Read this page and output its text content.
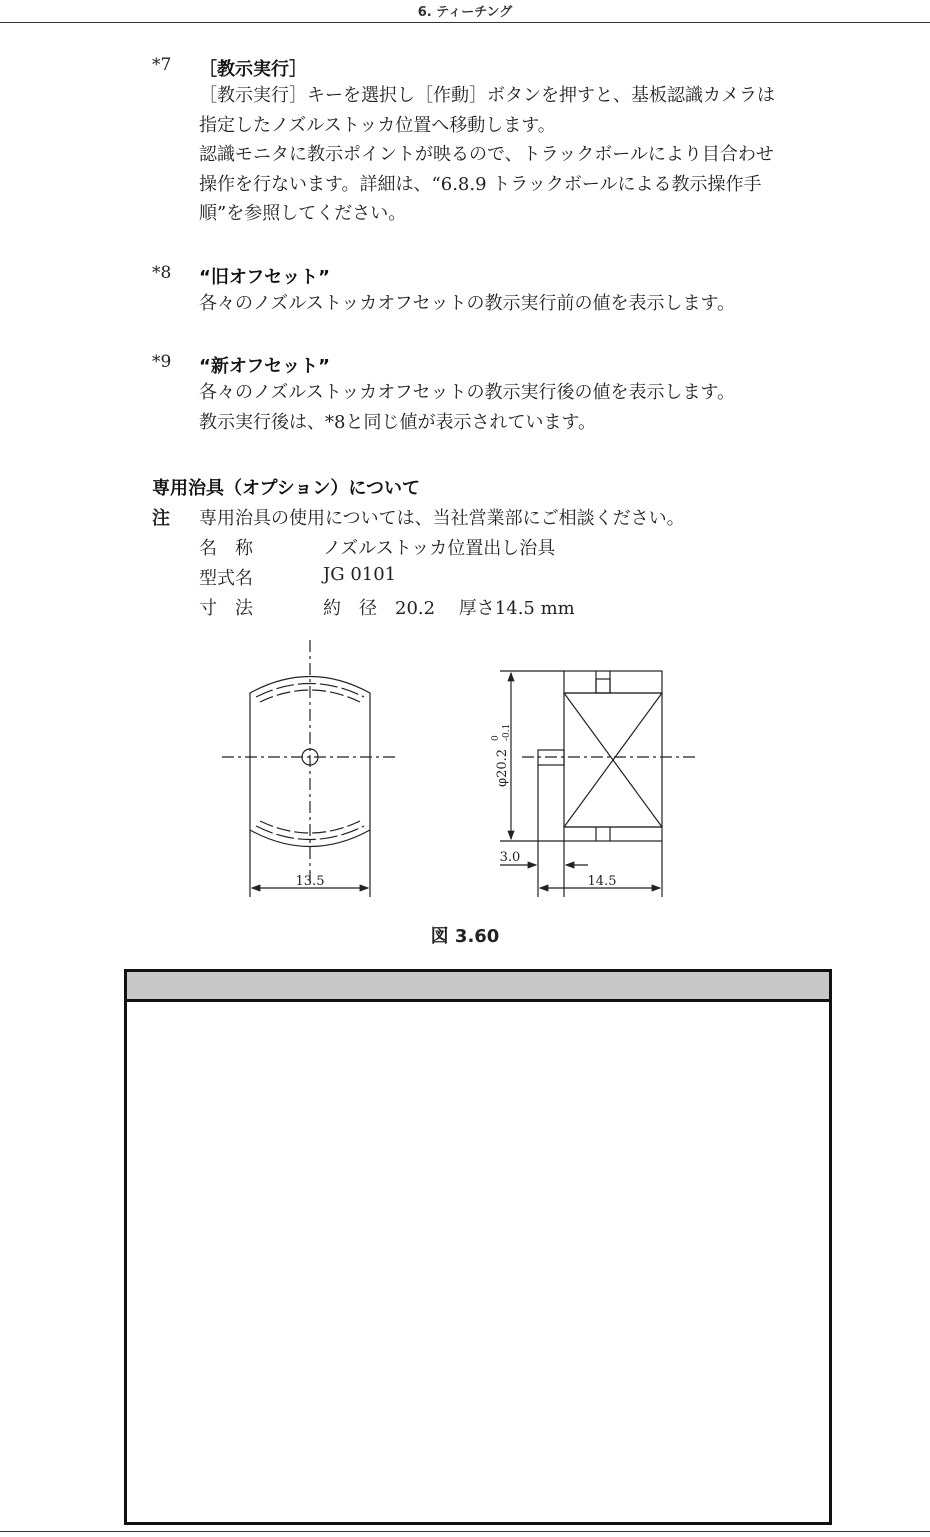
6. ティーチング
*7 ［教示実行］
［教示実行］キーを選択し［作動］ボタンを押すと、基板認識カメラは
指定したノズルストッカ位置へ移動します。
認識モニタに教示ポイントが映るので、トラックボールにより目合わせ
操作を行ないます。詳細は、“6.8.9 トラックボールによる教示操作手
順”を参照してください。
*8 “旧オフセット”
各々のノズルストッカオフセットの教示実行前の値を表示します。
*9 “新オフセット”
各々のノズルストッカオフセットの教示実行後の値を表示します。
教示実行後は、*8と同じ値が表示されています。
専用治具（オプション）について
注 専用治具の使用については、当社営業部にご相談ください。
名　称	ノズルストッカ位置出し治具
型式名	JG 0101
寸　法	約　径　20.2　 厚さ14.5 mm
13.5
φ20.2
0 -0.1
3.0
14.5
図 3.60
